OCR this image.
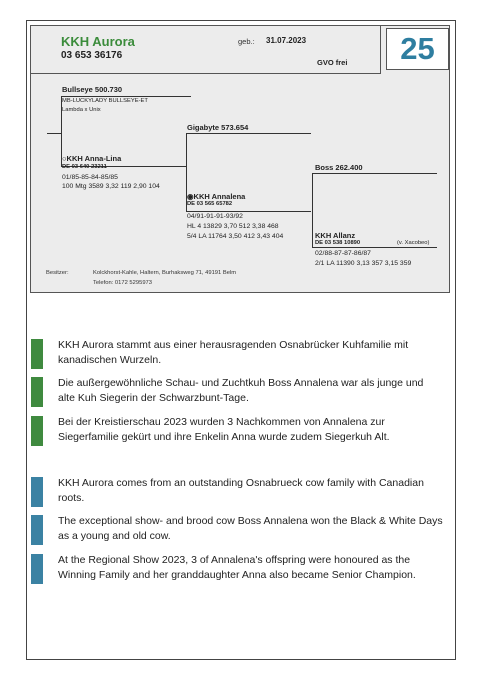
KKH Aurora
03 653 36176
geb.: 31.07.2023
GVO frei	25
Bullseye 500.730
MB-LUCKYLADY BULLSEYE-ET
Lambda x Unix
○KKH Anna-Lina
DE 03 640 23211
01/85-85-84-85/85
100 Mtg 3589 3,32 119 2,90 104
Gigabyte 573.654
◉KKH Annalena
DE 03 565 65782
04/91-91-91-93/92
HL 4 13829 3,70 512 3,38 468
5/4 LA 11764 3,50 412 3,43 404
Boss 262.400
KKH Allanz
DE 03 538 10890	(v. Xacobeo)
02/88-87-87-86/87
2/1 LA 11390 3,13 357 3,15 359
Besitzer:	Kolckhorst-Kahle, Haltern, Burhaksweg 71, 49191 Belm
Telefon: 0172 5295973
KKH Aurora stammt aus einer herausragenden Osnabrücker Kuhfamilie mit kanadischen Wurzeln.
Die außergewöhnliche Schau- und Zuchtkuh Boss Annalena war als junge und alte Kuh Siegerin der Schwarzbunt-Tage.
Bei der Kreistierschau 2023 wurden 3 Nachkommen von Annalena zur Siegerfamilie gekürt und ihre Enkelin Anna wurde zudem Siegerkuh Alt.
KKH Aurora comes from an outstanding Osnabrueck cow family with Canadian roots.
The exceptional show- and brood cow Boss Annalena won the Black & White Days as a young and old cow.
At the Regional Show 2023, 3 of Annalena's offspring were honoured as the Winning Family and her granddaughter Anna also became Senior Champion.
